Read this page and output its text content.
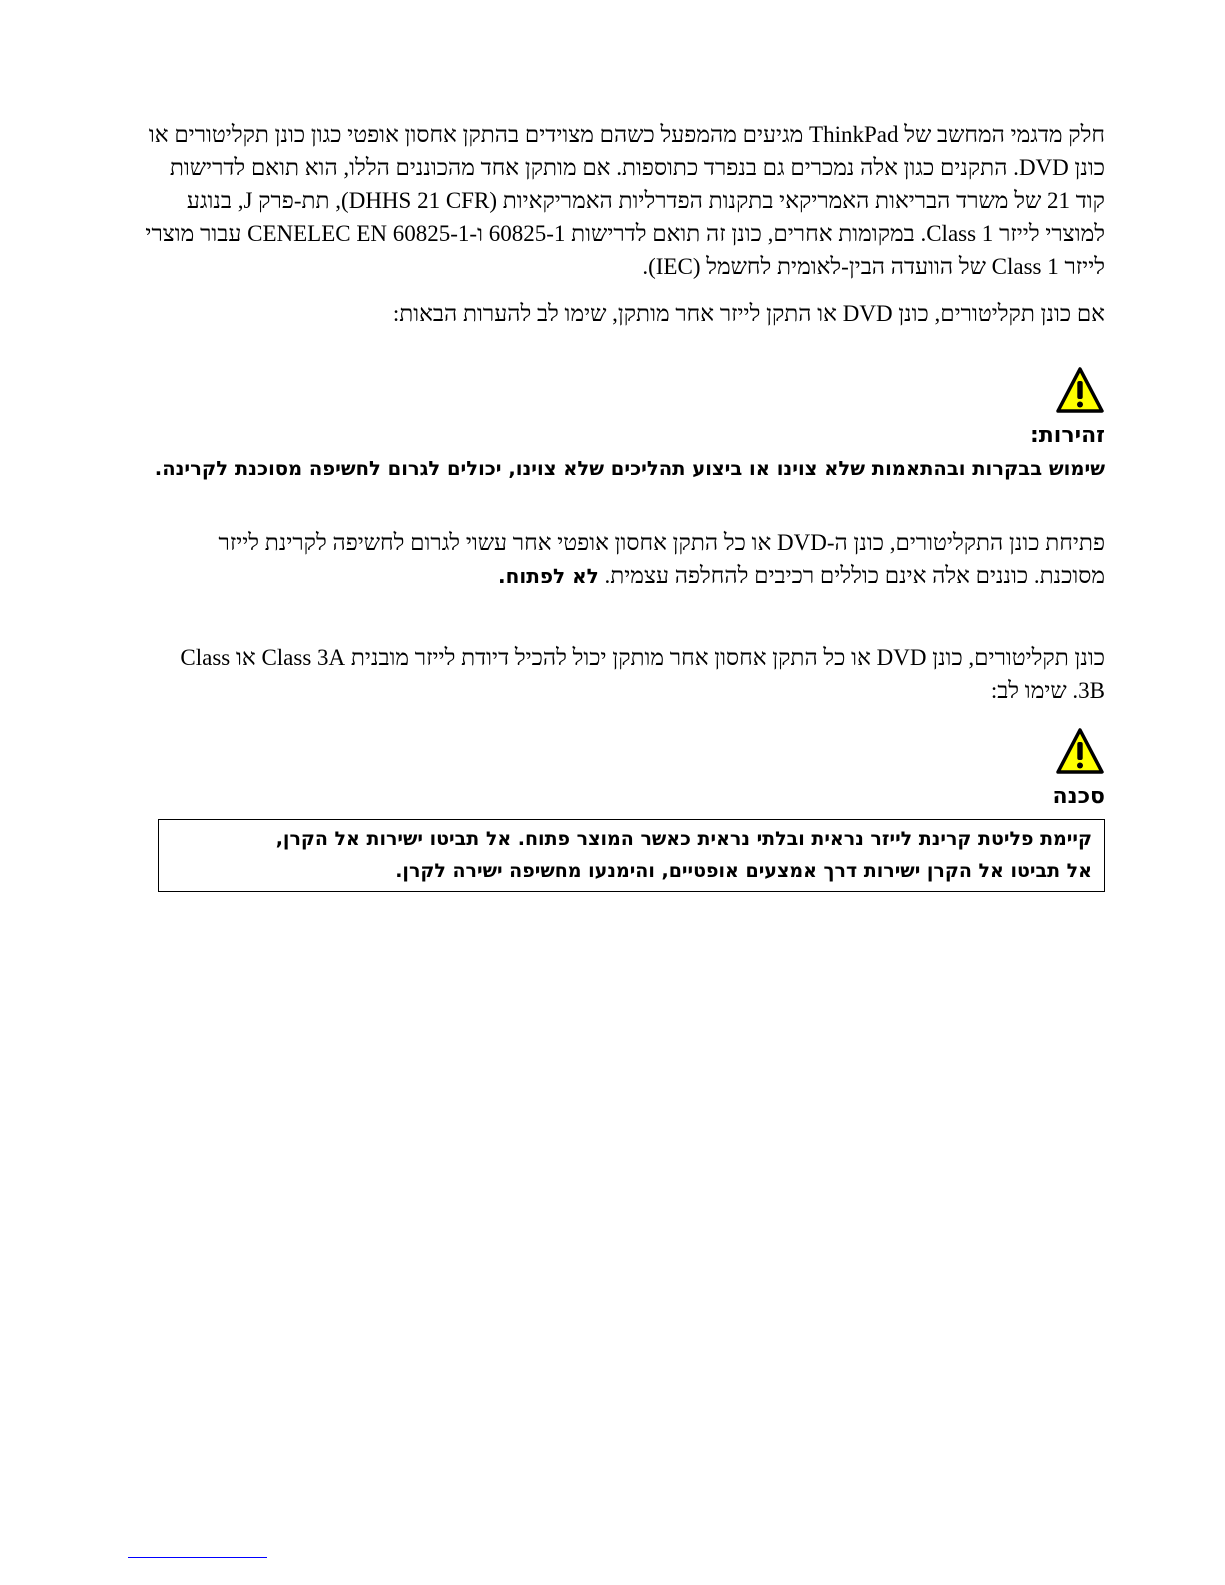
חלק מדגמי המחשב של ThinkPad מגיעים מהמפעל כשהם מצוידים בהתקן אחסון אופטי כגון כונן תקליטורים או כונן DVD. התקנים כגון אלה נמכרים גם בנפרד כתוספות. אם מותקן אחד מהכוננים הללו, הוא תואם לדרישות קוד 21 של משרד הבריאות האמריקאי בתקנות הפדרליות האמריקאיות (DHHS 21 CFR), תת-פרק J, בנוגע למוצרי לייזר Class 1. במקומות אחרים, כונן זה תואם לדרישות 60825-1 ו-CENELEC EN 60825-1 עבור מוצרי לייזר Class 1 של הוועדה הבין-לאומית לחשמל (IEC).

אם כונן תקליטורים, כונן DVD או התקן לייזר אחר מותקן, שימו לב להערות הבאות:

זהירות:

שימוש בבקרות ובהתאמות שלא צוינו או ביצוע תהליכים שלא צוינו, יכולים לגרום לחשיפה מסוכנת לקרינה.

פתיחת כונן התקליטורים, כונן ה-DVD או כל התקן אחסון אופטי אחר עשוי לגרום לחשיפה לקרינת לייזר מסוכנת. כוננים אלה אינם כוללים רכיבים להחלפה עצמית. לא לפתוח.

כונן תקליטורים, כונן DVD או כל התקן אחסון אחר מותקן יכול להכיל דיודת לייזר מובנית Class 3A או Class 3B. שימו לב:

סכנה

קיימת פליטת קרינת לייזר נראית ובלתי נראית כאשר המוצר פתוח. אל תביטו ישירות אל הקרן,

אל תביטו אל הקרן ישירות דרך אמצעים אופטיים, והימנעו מחשיפה ישירה לקרן.
